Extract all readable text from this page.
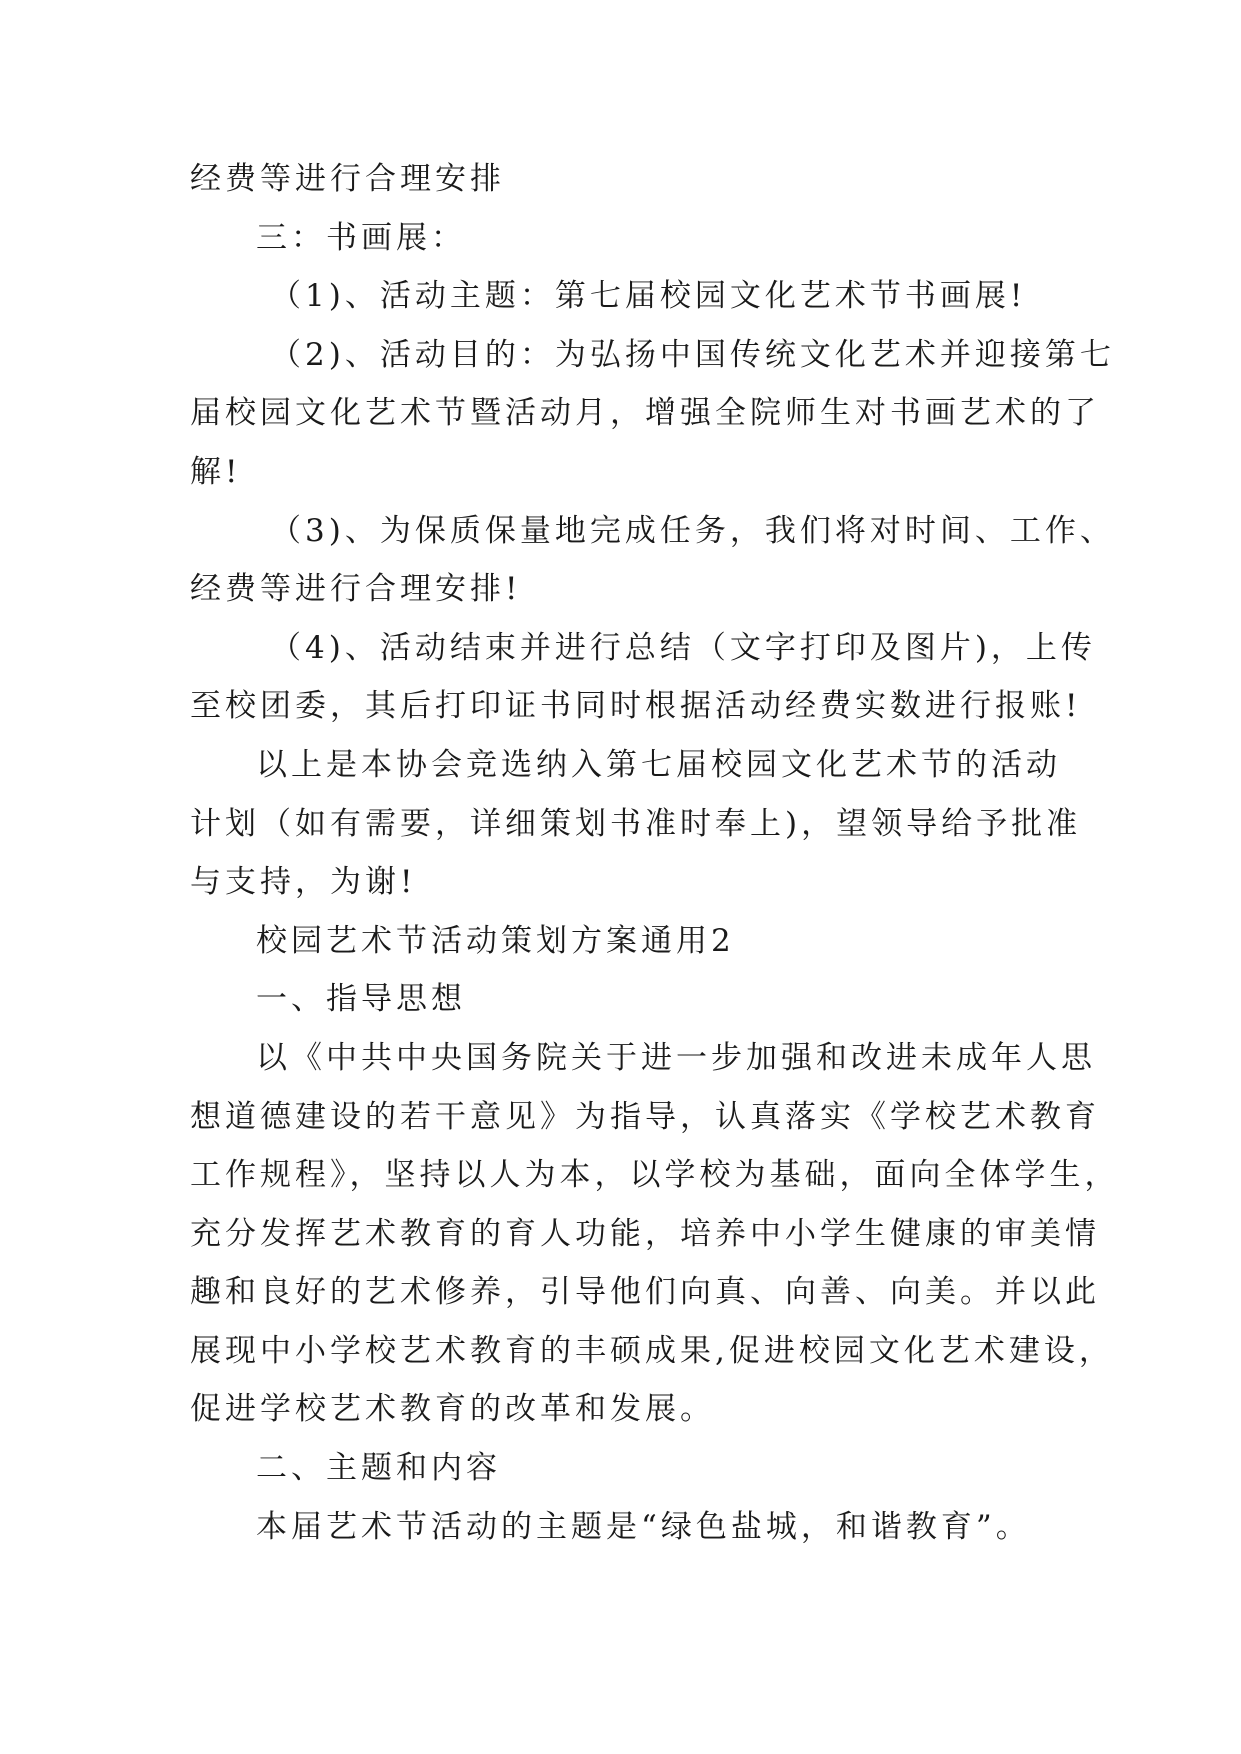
经费等进行合理安排
三：书画展：
（1)、活动主题：第七届校园文化艺术节书画展!
（2)、活动目的：为弘扬中国传统文化艺术并迎接第七
届校园文化艺术节暨活动月，增强全院师生对书画艺术的了
解!
（3)、为保质保量地完成任务，我们将对时间、工作、
经费等进行合理安排!
（4)、活动结束并进行总结（文字打印及图片)，上传
至校团委，其后打印证书同时根据活动经费实数进行报账!
以上是本协会竞选纳入第七届校园文化艺术节的活动
计划（如有需要，详细策划书准时奉上)，望领导给予批准
与支持，为谢!
校园艺术节活动策划方案通用2
一、指导思想
以《中共中央国务院关于进一步加强和改进未成年人思
想道德建设的若干意见》为指导，认真落实《学校艺术教育
工作规程》，坚持以人为本，以学校为基础，面向全体学生，
充分发挥艺术教育的育人功能，培养中小学生健康的审美情
趣和良好的艺术修养，引导他们向真、向善、向美。并以此
展现中小学校艺术教育的丰硕成果,促进校园文化艺术建设，
促进学校艺术教育的改革和发展。
二、主题和内容
本届艺术节活动的主题是“绿色盐城，和谐教育”。
